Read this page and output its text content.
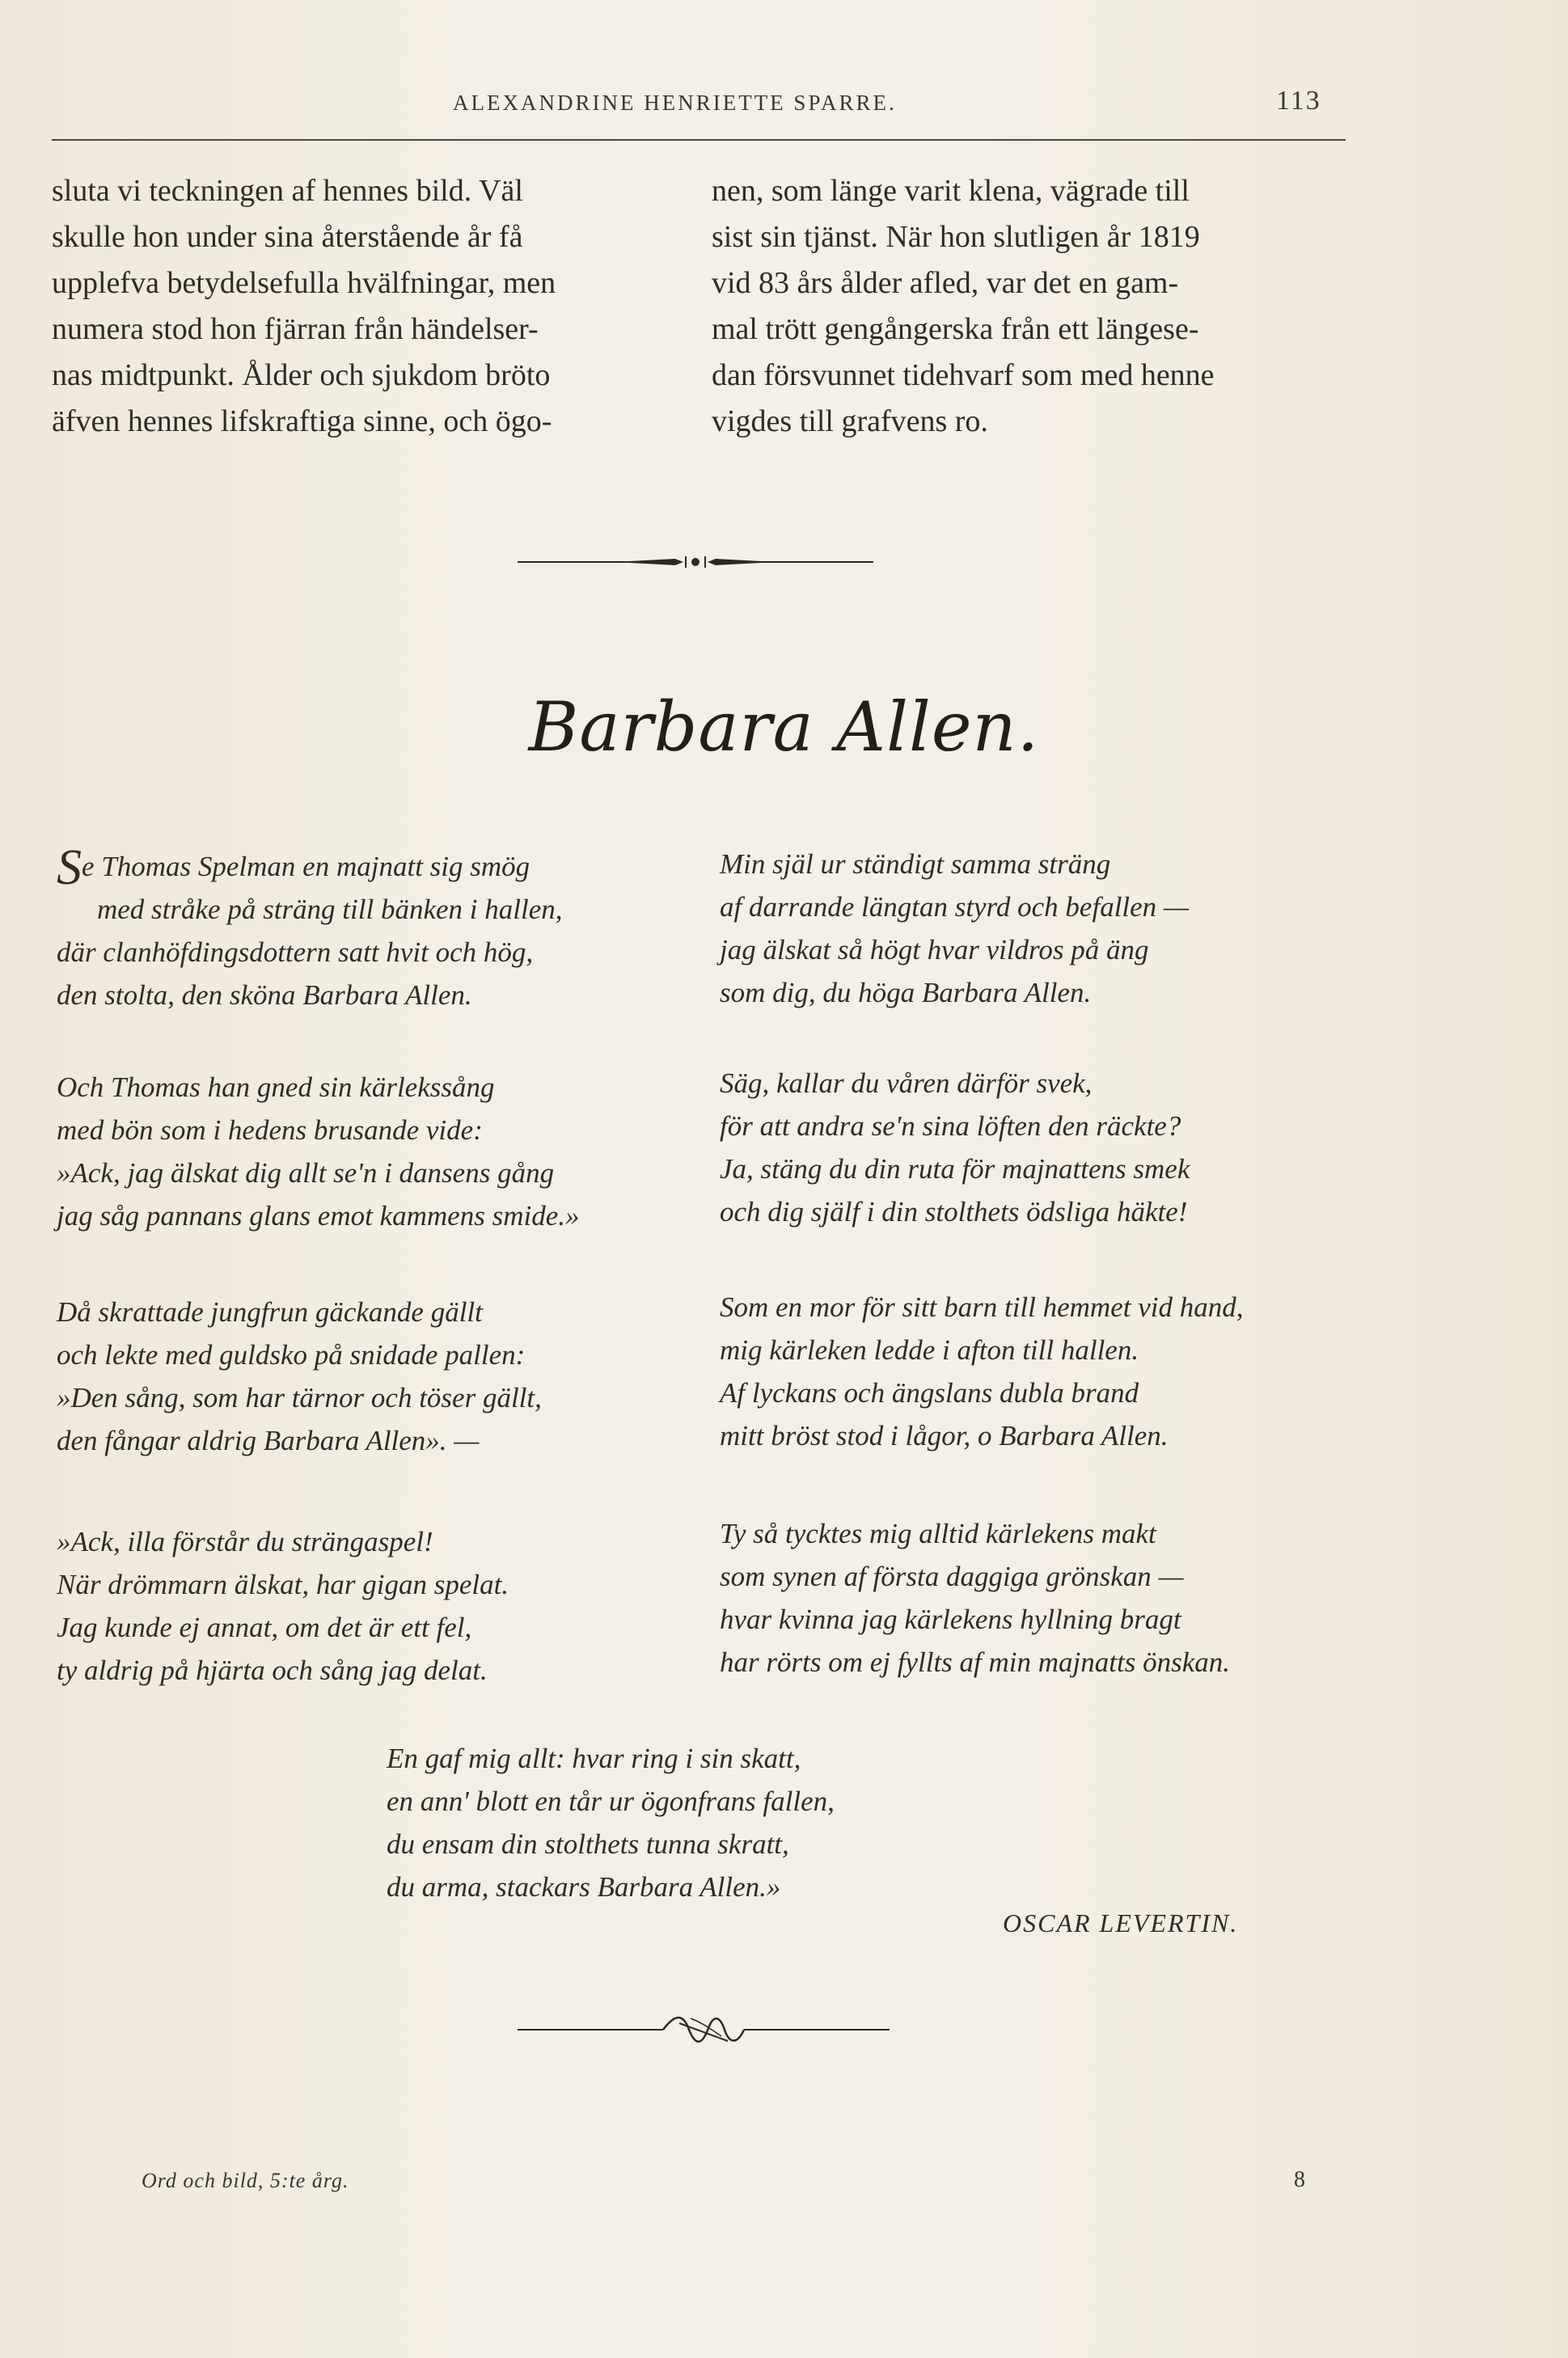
ALEXANDRINE HENRIETTE SPARRE.	113
sluta vi teckningen af hennes bild. Väl
skulle hon under sina återstående år få
upplefva betydelsefulla hvälfningar, men
numera stod hon fjärran från händelser-
nas midtpunkt. Ålder och sjukdom bröto
äfven hennes lifskraftiga sinne, och ögo-
nen, som länge varit klena, vägrade till
sist sin tjänst. När hon slutligen år 1819
vid 83 års ålder afled, var det en gam-
mal trött gengångerska från ett längese-
dan försvunnet tidehvarf som med henne
vigdes till grafvens ro.
Barbara Allen.
Se Thomas Spelman en majnatt sig smög
med stråke på sträng till bänken i hallen,
där clanhöfdingsdottern satt hvit och hög,
den stolta, den sköna Barbara Allen.
Och Thomas han gned sin kärlekssång
med bön som i hedens brusande vide:
»Ack, jag älskat dig allt se'n i dansens gång
jag såg pannans glans emot kammens smide.»
Då skrattade jungfrun gäckande gällt
och lekte med guldsko på snidade pallen:
»Den sång, som har tärnor och töser gällt,
den fångar aldrig Barbara Allen». —
»Ack, illa förstår du strängaspel!
När drömmarn älskat, har gigan spelat.
Jag kunde ej annat, om det är ett fel,
ty aldrig på hjärta och sång jag delat.
Min själ ur ständigt samma sträng
af darrande längtan styrd och befallen —
jag älskat så högt hvar vildros på äng
som dig, du höga Barbara Allen.
Säg, kallar du våren därför svek,
för att andra se'n sina löften den räckte?
Ja, stäng du din ruta för majnattens smek
och dig själf i din stolthets ödsliga häkte!
Som en mor för sitt barn till hemmet vid hand,
mig kärleken ledde i afton till hallen.
Af lyckans och ängslans dubla brand
mitt bröst stod i lågor, o Barbara Allen.
Ty så tycktes mig alltid kärlekens makt
som synen af första daggiga grönskan —
hvar kvinna jag kärlekens hyllning bragt
har rörts om ej fyllts af min majnatts önskan.
En gaf mig allt: hvar ring i sin skatt,
en ann' blott en tår ur ögonfrans fallen,
du ensam din stolthets tunna skratt,
du arma, stackars Barbara Allen.»
OSCAR LEVERTIN.
Ord och bild, 5:te årg.	8
